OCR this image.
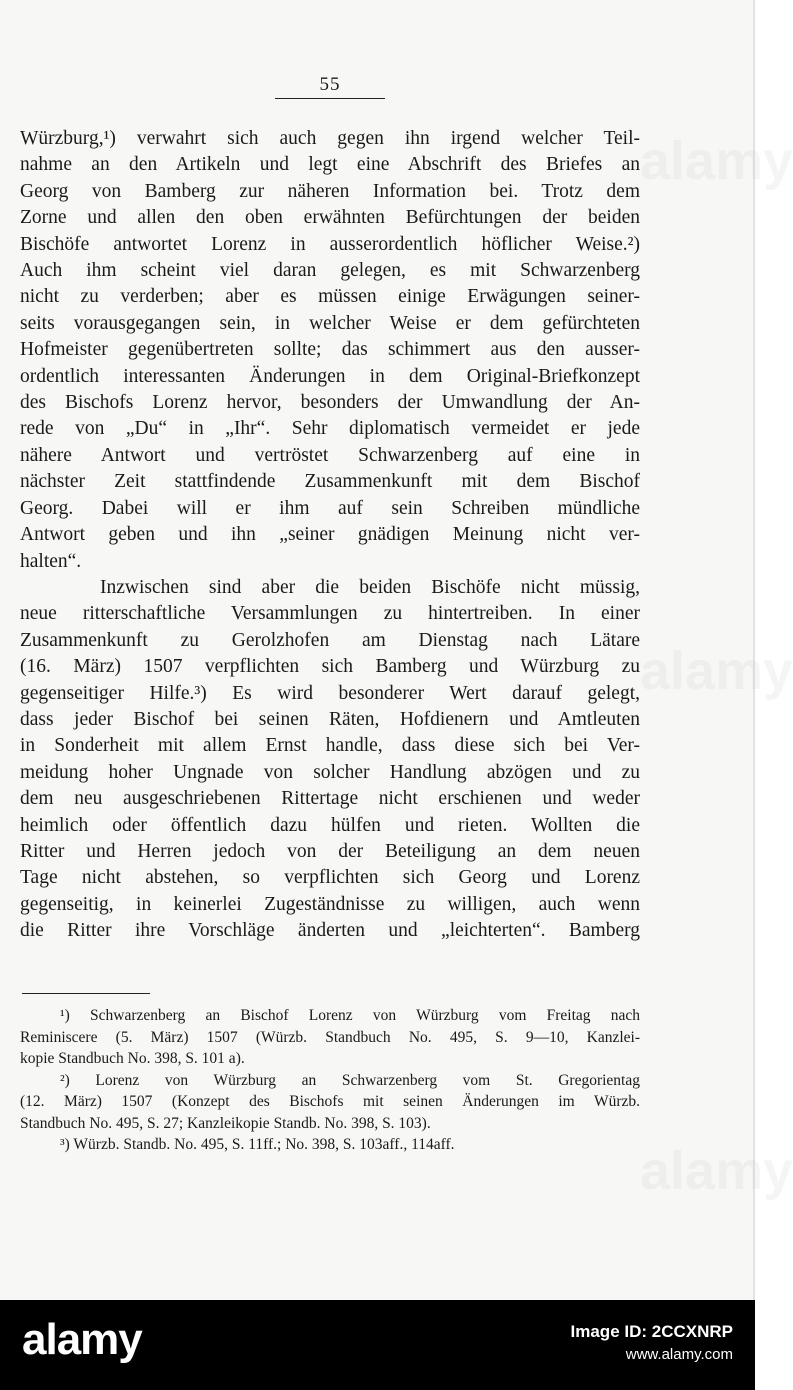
55
Würzburg,¹) verwahrt sich auch gegen ihn irgend welcher Teil-
nahme an den Artikeln und legt eine Abschrift des Briefes an
Georg von Bamberg zur näheren Information bei. Trotz dem
Zorne und allen den oben erwähnten Befürchtungen der beiden
Bischöfe antwortet Lorenz in ausserordentlich höflicher Weise.²)
Auch ihm scheint viel daran gelegen, es mit Schwarzenberg
nicht zu verderben; aber es müssen einige Erwägungen seiner-
seits vorausgegangen sein, in welcher Weise er dem gefürchteten
Hofmeister gegenübertreten sollte; das schimmert aus den ausser-
ordentlich interessanten Änderungen in dem Original-Briefkonzept
des Bischofs Lorenz hervor, besonders der Umwandlung der An-
rede von „Du“ in „Ihr“. Sehr diplomatisch vermeidet er jede
nähere Antwort und vertröstet Schwarzenberg auf eine in
nächster Zeit stattfindende Zusammenkunft mit dem Bischof
Georg. Dabei will er ihm auf sein Schreiben mündliche
Antwort geben und ihn „seiner gnädigen Meinung nicht ver-
halten“.
Inzwischen sind aber die beiden Bischöfe nicht müssig,
neue ritterschaftliche Versammlungen zu hintertreiben. In einer
Zusammenkunft zu Gerolzhofen am Dienstag nach Lätare
(16. März) 1507 verpflichten sich Bamberg und Würzburg zu
gegenseitiger Hilfe.³) Es wird besonderer Wert darauf gelegt,
dass jeder Bischof bei seinen Räten, Hofdienern und Amtleuten
in Sonderheit mit allem Ernst handle, dass diese sich bei Ver-
meidung hoher Ungnade von solcher Handlung abzögen und zu
dem neu ausgeschriebenen Rittertage nicht erschienen und weder
heimlich oder öffentlich dazu hülfen und rieten. Wollten die
Ritter und Herren jedoch von der Beteiligung an dem neuen
Tage nicht abstehen, so verpflichten sich Georg und Lorenz
gegenseitig, in keinerlei Zugeständnisse zu willigen, auch wenn
die Ritter ihre Vorschläge änderten und „leichterten“. Bamberg
¹) Schwarzenberg an Bischof Lorenz von Würzburg vom Freitag nach
Reminiscere (5. März) 1507 (Würzb. Standbuch No. 495, S. 9—10, Kanzlei-
kopie Standbuch No. 398, S. 101 a).
²) Lorenz von Würzburg an Schwarzenberg vom St. Gregorientag
(12. März) 1507 (Konzept des Bischofs mit seinen Änderungen im Würzb.
Standbuch No. 495, S. 27; Kanzleikopie Standb. No. 398, S. 103).
³) Würzb. Standb. No. 495, S. 11ff.; No. 398, S. 103aff., 114aff.
alamy
alamy
alamy
alamy	Image ID: 2CCXNRP
www.alamy.com
